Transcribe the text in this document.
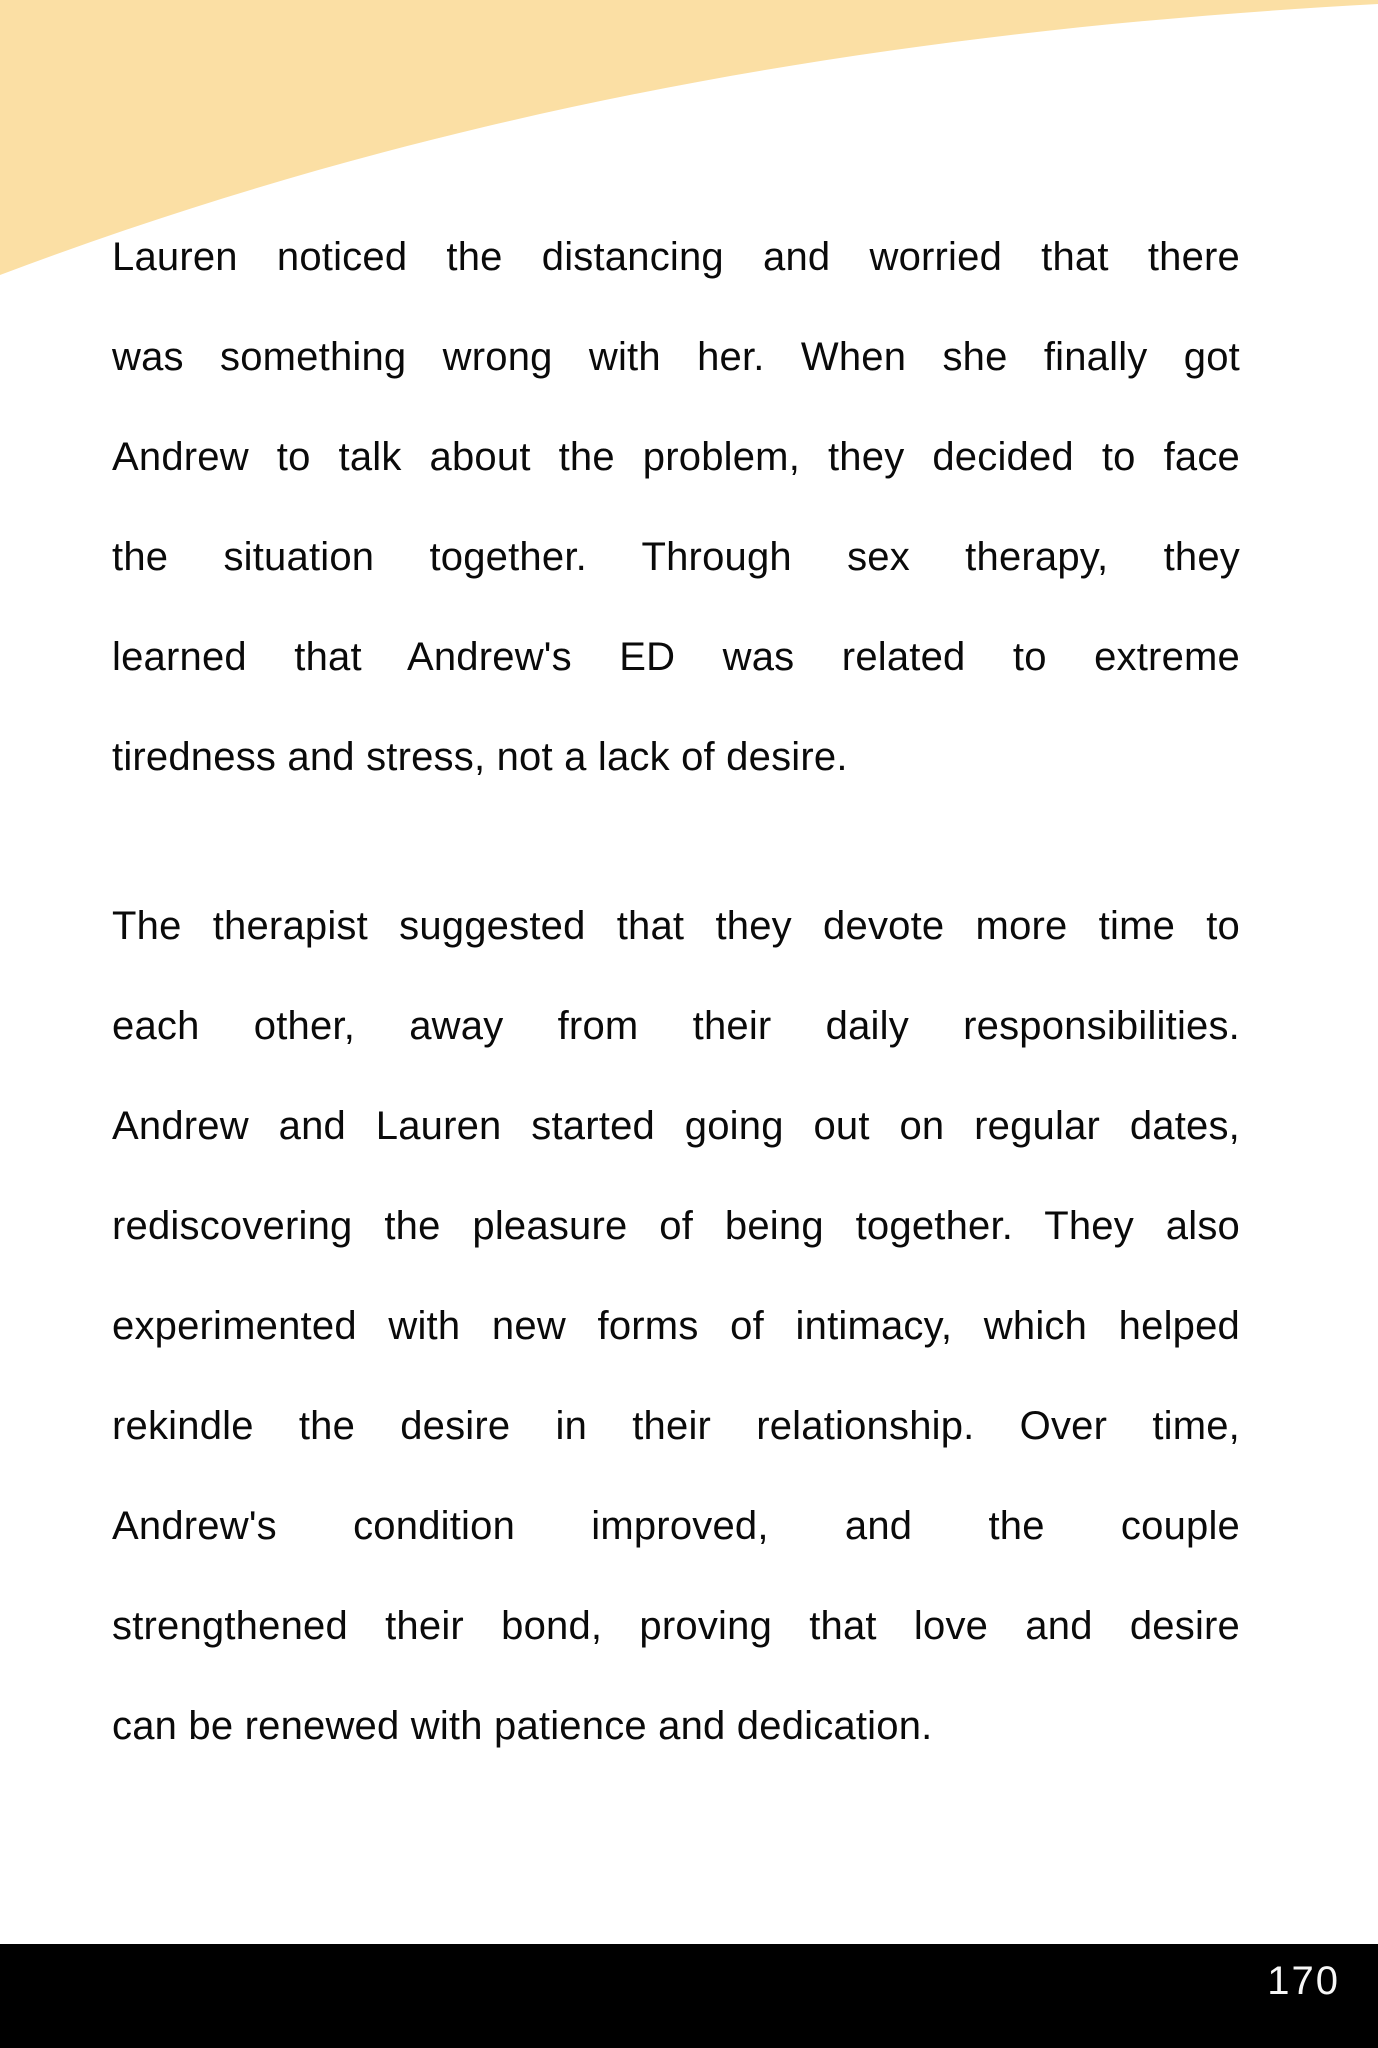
Lauren noticed the distancing and worried that there
was something wrong with her. When she finally got
Andrew to talk about the problem, they decided to face
the situation together. Through sex therapy, they
learned that Andrew's ED was related to extreme
tiredness and stress, not a lack of desire.
The therapist suggested that they devote more time to
each other, away from their daily responsibilities.
Andrew and Lauren started going out on regular dates,
rediscovering the pleasure of being together. They also
experimented with new forms of intimacy, which helped
rekindle the desire in their relationship. Over time,
Andrew's condition improved, and the couple
strengthened their bond, proving that love and desire
can be renewed with patience and dedication.
170
